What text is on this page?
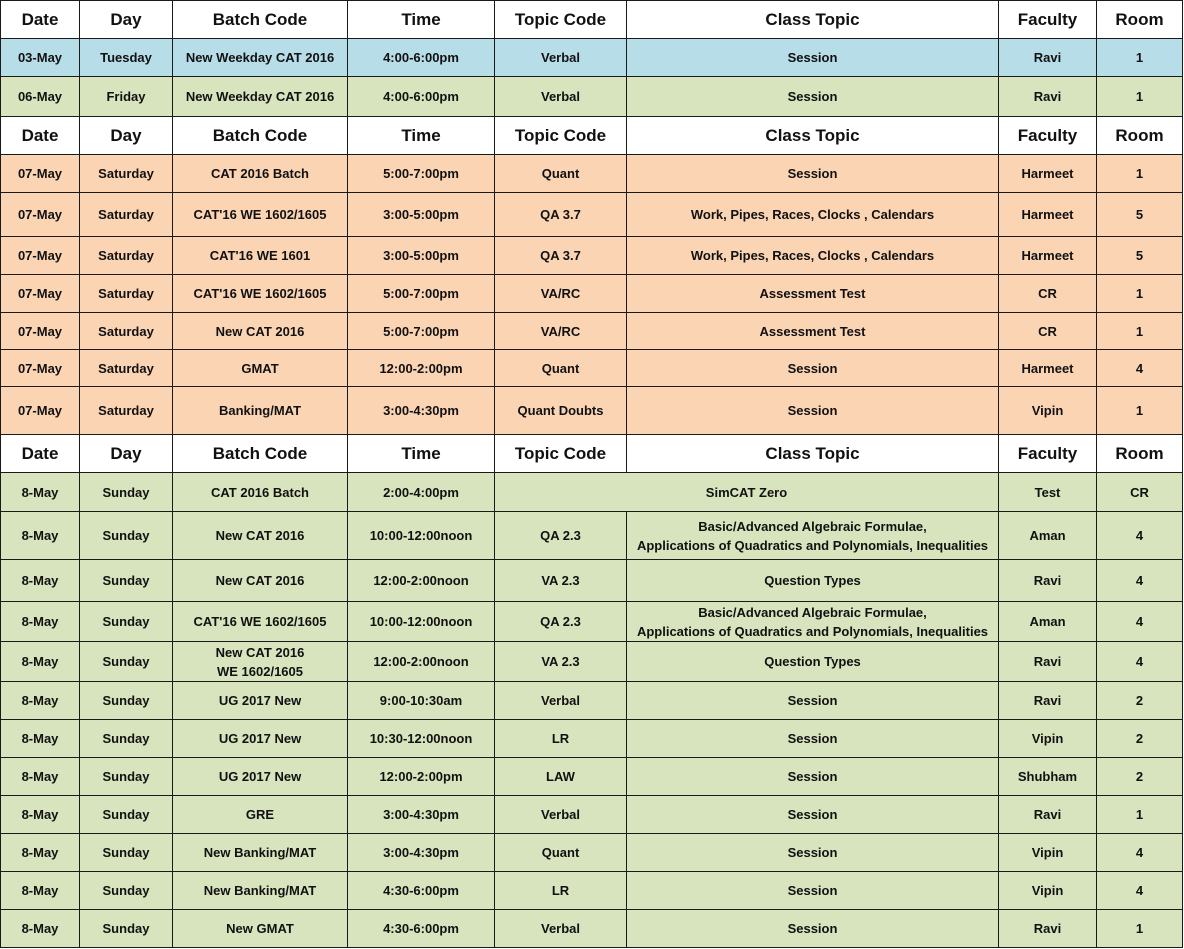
Date	Day	Batch Code	Time	Topic Code	Class Topic	Faculty	Room
03-May	Tuesday	New Weekday CAT 2016	4:00-6:00pm	Verbal	Session	Ravi	1
06-May	Friday	New Weekday CAT 2016	4:00-6:00pm	Verbal	Session	Ravi	1
Date	Day	Batch Code	Time	Topic Code	Class Topic	Faculty	Room
07-May	Saturday	CAT 2016 Batch	5:00-7:00pm	Quant	Session	Harmeet	1
07-May	Saturday	CAT'16 WE 1602/1605	3:00-5:00pm	QA 3.7	Work, Pipes, Races, Clocks , Calendars	Harmeet	5
07-May	Saturday	CAT'16 WE 1601	3:00-5:00pm	QA 3.7	Work, Pipes, Races, Clocks , Calendars	Harmeet	5
07-May	Saturday	CAT'16 WE 1602/1605	5:00-7:00pm	VA/RC	Assessment Test	CR	1
07-May	Saturday	New CAT 2016	5:00-7:00pm	VA/RC	Assessment Test	CR	1
07-May	Saturday	GMAT	12:00-2:00pm	Quant	Session	Harmeet	4
07-May	Saturday	Banking/MAT	3:00-4:30pm	Quant Doubts	Session	Vipin	1
Date	Day	Batch Code	Time	Topic Code	Class Topic	Faculty	Room
8-May	Sunday	CAT 2016 Batch	2:00-4:00pm	SimCAT Zero		Test	CR
8-May	Sunday	New CAT 2016	10:00-12:00noon	QA 2.3	Basic/Advanced Algebraic Formulae,
Applications of Quadratics and Polynomials, Inequalities	Aman	4
8-May	Sunday	New CAT 2016	12:00-2:00noon	VA 2.3	Question Types	Ravi	4
8-May	Sunday	CAT'16 WE 1602/1605	10:00-12:00noon	QA 2.3	Basic/Advanced Algebraic Formulae,
Applications of Quadratics and Polynomials, Inequalities	Aman	4
8-May	Sunday	New CAT 2016
WE 1602/1605	12:00-2:00noon	VA 2.3	Question Types	Ravi	4
8-May	Sunday	UG 2017 New	9:00-10:30am	Verbal	Session	Ravi	2
8-May	Sunday	UG 2017 New	10:30-12:00noon	LR	Session	Vipin	2
8-May	Sunday	UG 2017 New	12:00-2:00pm	LAW	Session	Shubham	2
8-May	Sunday	GRE	3:00-4:30pm	Verbal	Session	Ravi	1
8-May	Sunday	New Banking/MAT	3:00-4:30pm	Quant	Session	Vipin	4
8-May	Sunday	New Banking/MAT	4:30-6:00pm	LR	Session	Vipin	4
8-May	Sunday	New GMAT	4:30-6:00pm	Verbal	Session	Ravi	1
